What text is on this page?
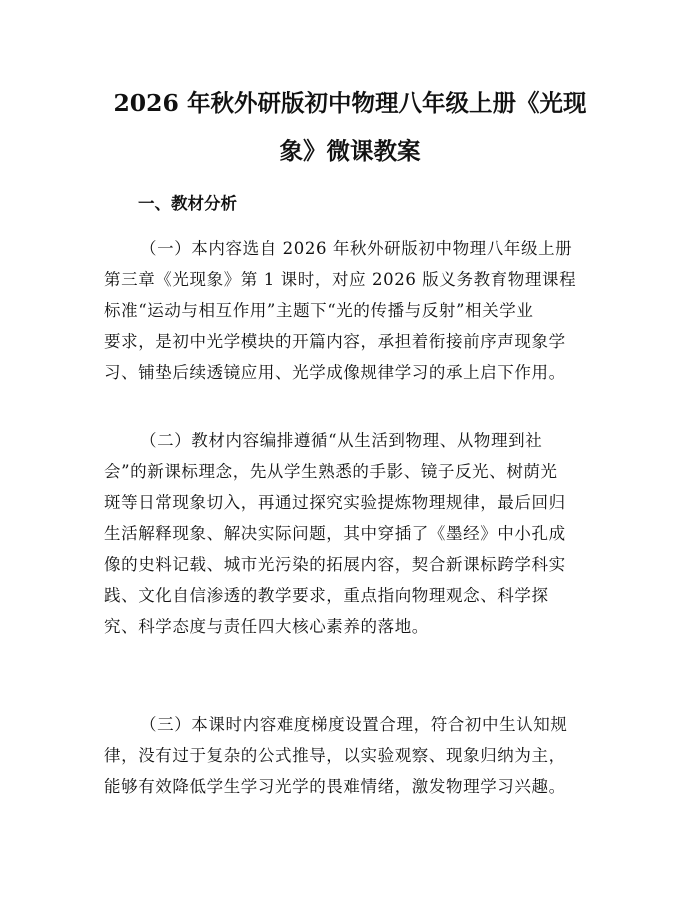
2026 年秋外研版初中物理八年级上册《光现
象》微课教案
一、教材分析

（一）本内容选自 2026 年秋外研版初中物理八年级上册
第三章《光现象》第 1 课时，对应 2026 版义务教育物理课程
标准“运动与相互作用”主题下“光的传播与反射”相关学业
要求，是初中光学模块的开篇内容，承担着衔接前序声现象学
习、铺垫后续透镜应用、光学成像规律学习的承上启下作用。

（二）教材内容编排遵循“从生活到物理、从物理到社
会”的新课标理念，先从学生熟悉的手影、镜子反光、树荫光
斑等日常现象切入，再通过探究实验提炼物理规律，最后回归
生活解释现象、解决实际问题，其中穿插了《墨经》中小孔成
像的史料记载、城市光污染的拓展内容，契合新课标跨学科实
践、文化自信渗透的教学要求，重点指向物理观念、科学探
究、科学态度与责任四大核心素养的落地。

（三）本课时内容难度梯度设置合理，符合初中生认知规
律，没有过于复杂的公式推导，以实验观察、现象归纳为主，
能够有效降低学生学习光学的畏难情绪，激发物理学习兴趣。
